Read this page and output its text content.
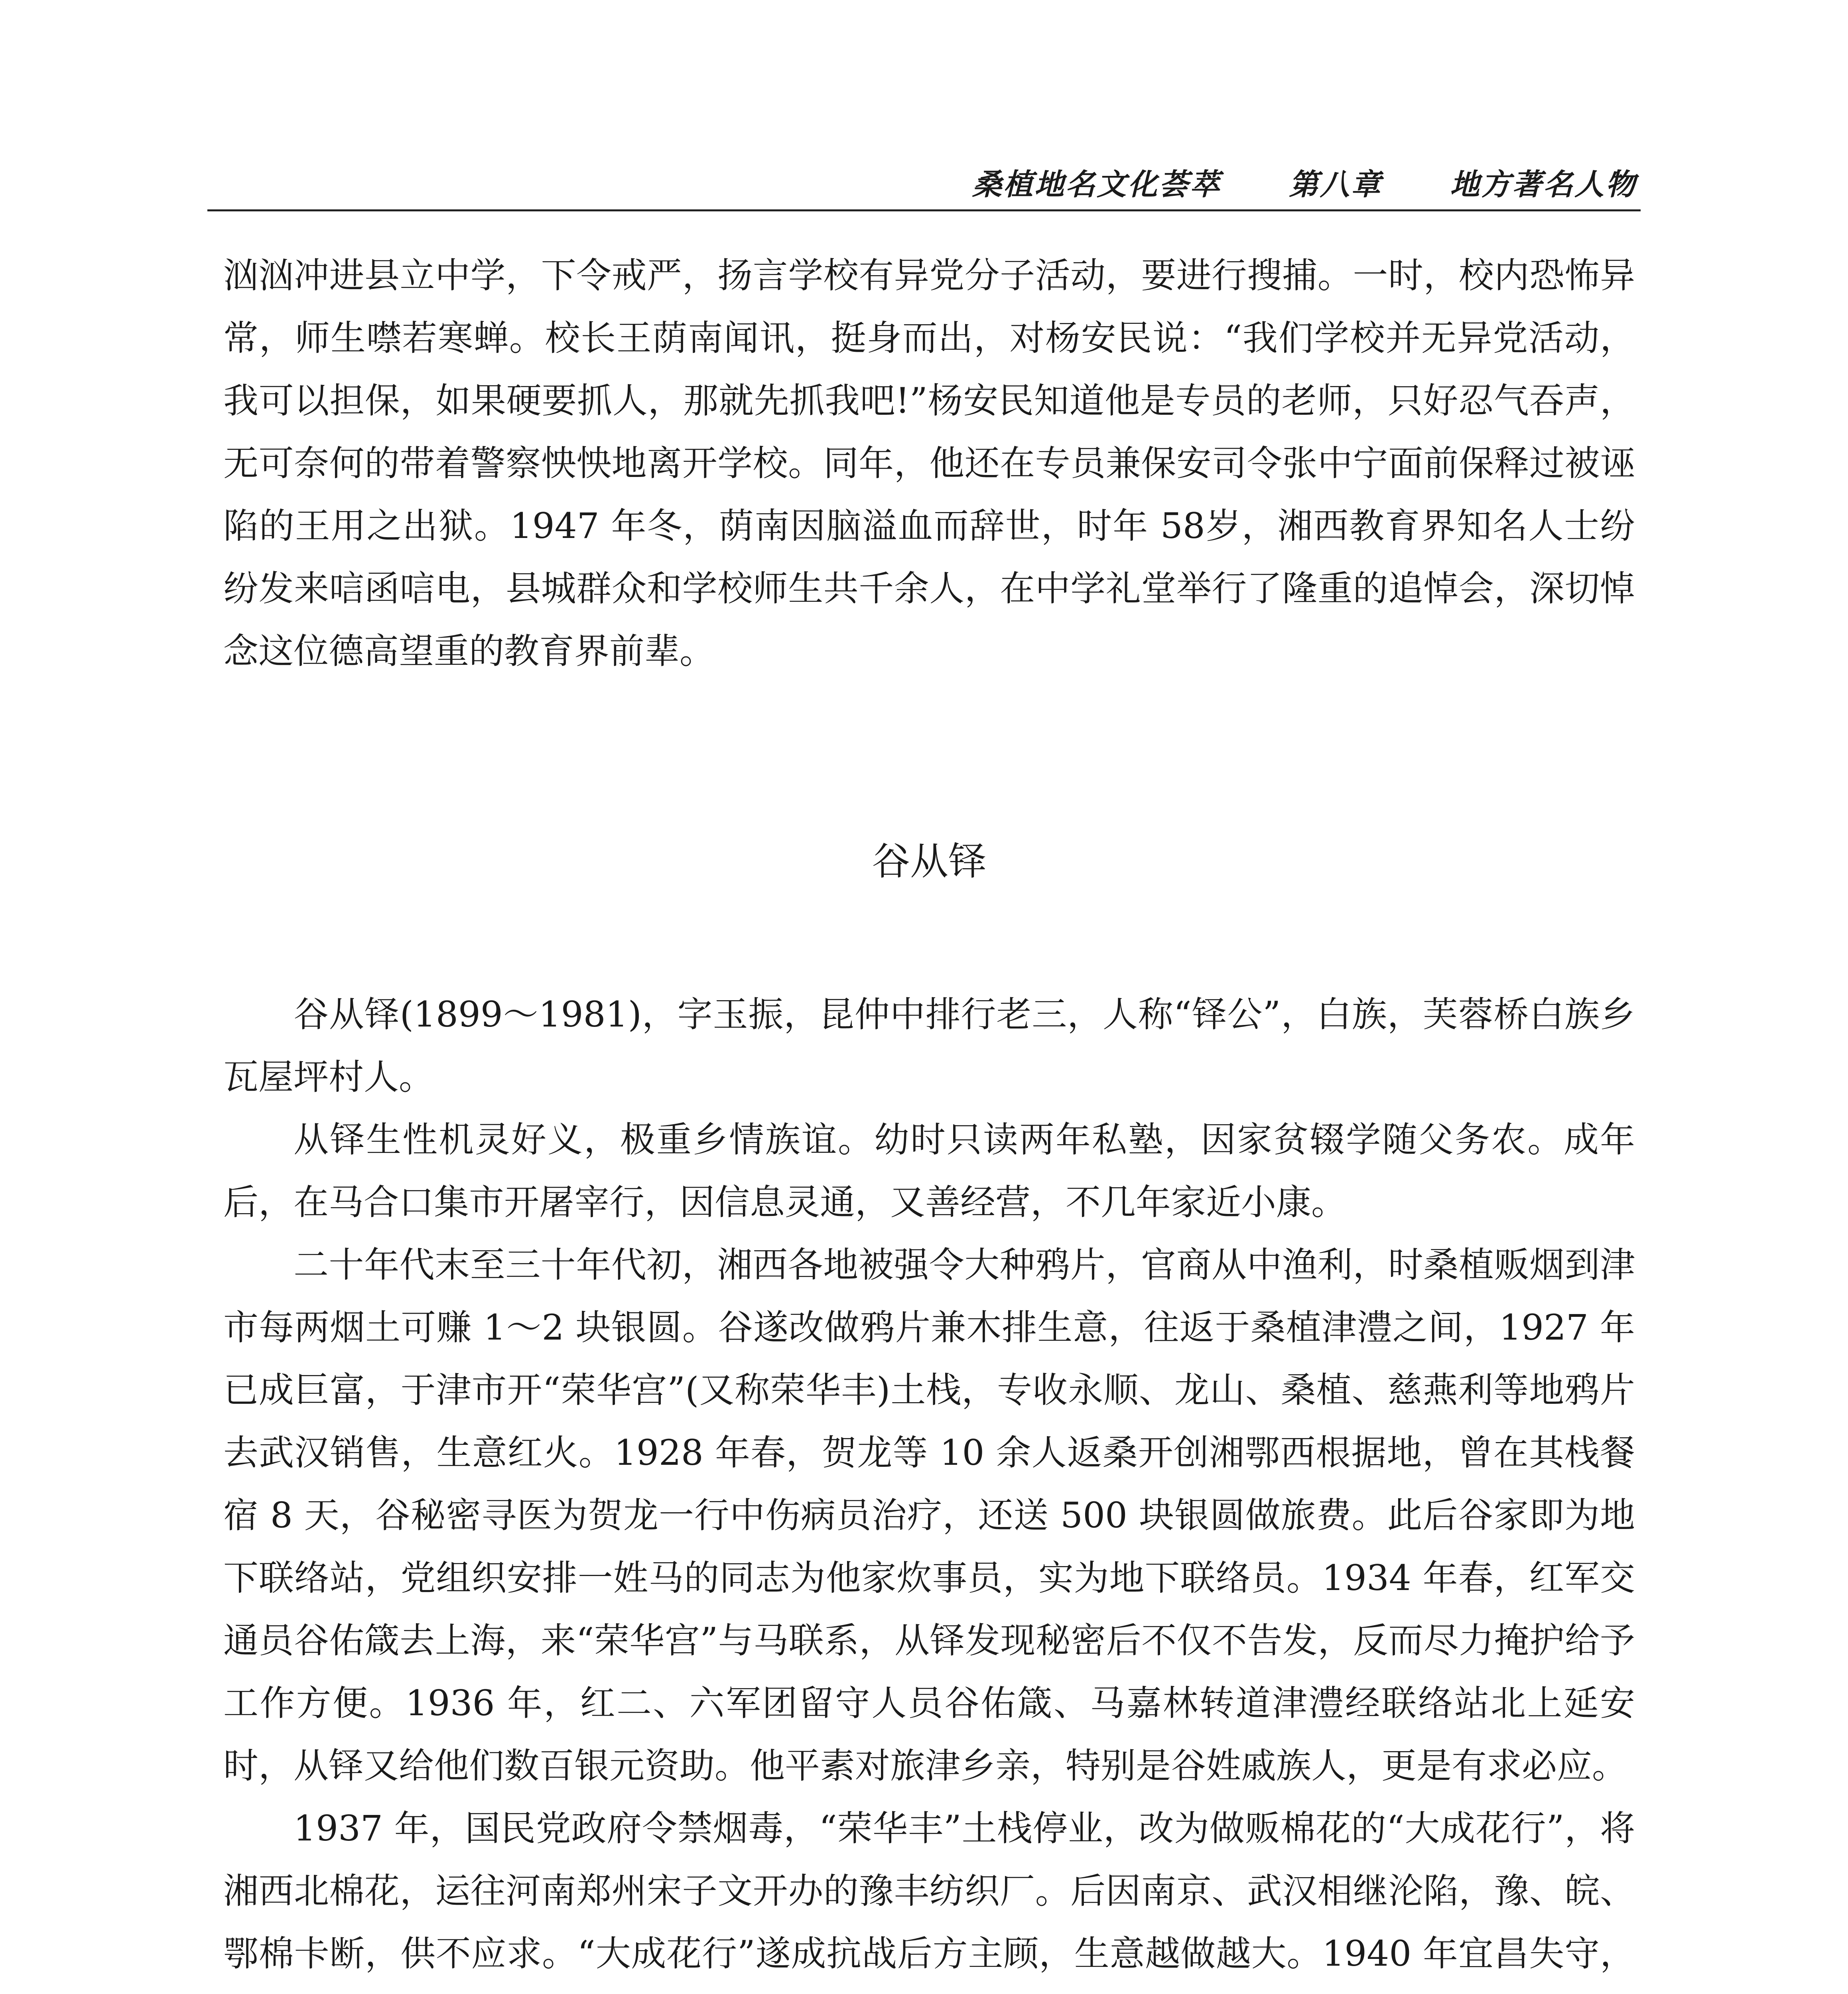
桑植地名文化荟萃 第八章 地方著名人物

汹汹冲进县立中学，下令戒严，扬言学校有异党分子活动，要进行搜捕。一时，校内恐怖异常，师生噤若寒蝉。校长王荫南闻讯，挺身而出，对杨安民说：“我们学校并无异党活动，我可以担保，如果硬要抓人，那就先抓我吧!”杨安民知道他是专员的老师，只好忍气吞声，无可奈何的带着警察怏怏地离开学校。同年，他还在专员兼保安司令张中宁面前保释过被诬陷的王用之出狱。1947 年冬，荫南因脑溢血而辞世，时年 58岁，湘西教育界知名人士纷纷发来唁函唁电，县城群众和学校师生共千余人，在中学礼堂举行了隆重的追悼会，深切悼念这位德高望重的教育界前辈。

谷从铎

谷从铎(1899～1981)，字玉振，昆仲中排行老三，人称“铎公”，白族，芙蓉桥白族乡瓦屋坪村人。

从铎生性机灵好义，极重乡情族谊。幼时只读两年私塾，因家贫辍学随父务农。成年后，在马合口集市开屠宰行，因信息灵通，又善经营，不几年家近小康。

二十年代末至三十年代初，湘西各地被强令大种鸦片，官商从中渔利，时桑植贩烟到津市每两烟土可赚 1～2 块银圆。谷遂改做鸦片兼木排生意，往返于桑植津澧之间，1927 年已成巨富，于津市开“荣华宫”(又称荣华丰)土栈，专收永顺、龙山、桑植、慈燕利等地鸦片去武汉销售，生意红火。1928 年春，贺龙等 10 余人返桑开创湘鄂西根据地，曾在其栈餐宿 8 天，谷秘密寻医为贺龙一行中伤病员治疗，还送 500 块银圆做旅费。此后谷家即为地下联络站，党组织安排一姓马的同志为他家炊事员，实为地下联络员。1934 年春，红军交通员谷佑箴去上海，来“荣华宫”与马联系，从铎发现秘密后不仅不告发，反而尽力掩护给予工作方便。1936 年，红二、六军团留守人员谷佑箴、马嘉林转道津澧经联络站北上延安时，从铎又给他们数百银元资助。他平素对旅津乡亲，特别是谷姓戚族人，更是有求必应。

1937 年，国民党政府令禁烟毒，“荣华丰”土栈停业，改为做贩棉花的“大成花行”，将湘西北棉花，运往河南郑州宋子文开办的豫丰纺织厂。后因南京、武汉相继沦陷，豫、皖、鄂棉卡断，供不应求。“大成花行”遂成抗战后方主顾，生意越做越大。1940 年宜昌失守，
